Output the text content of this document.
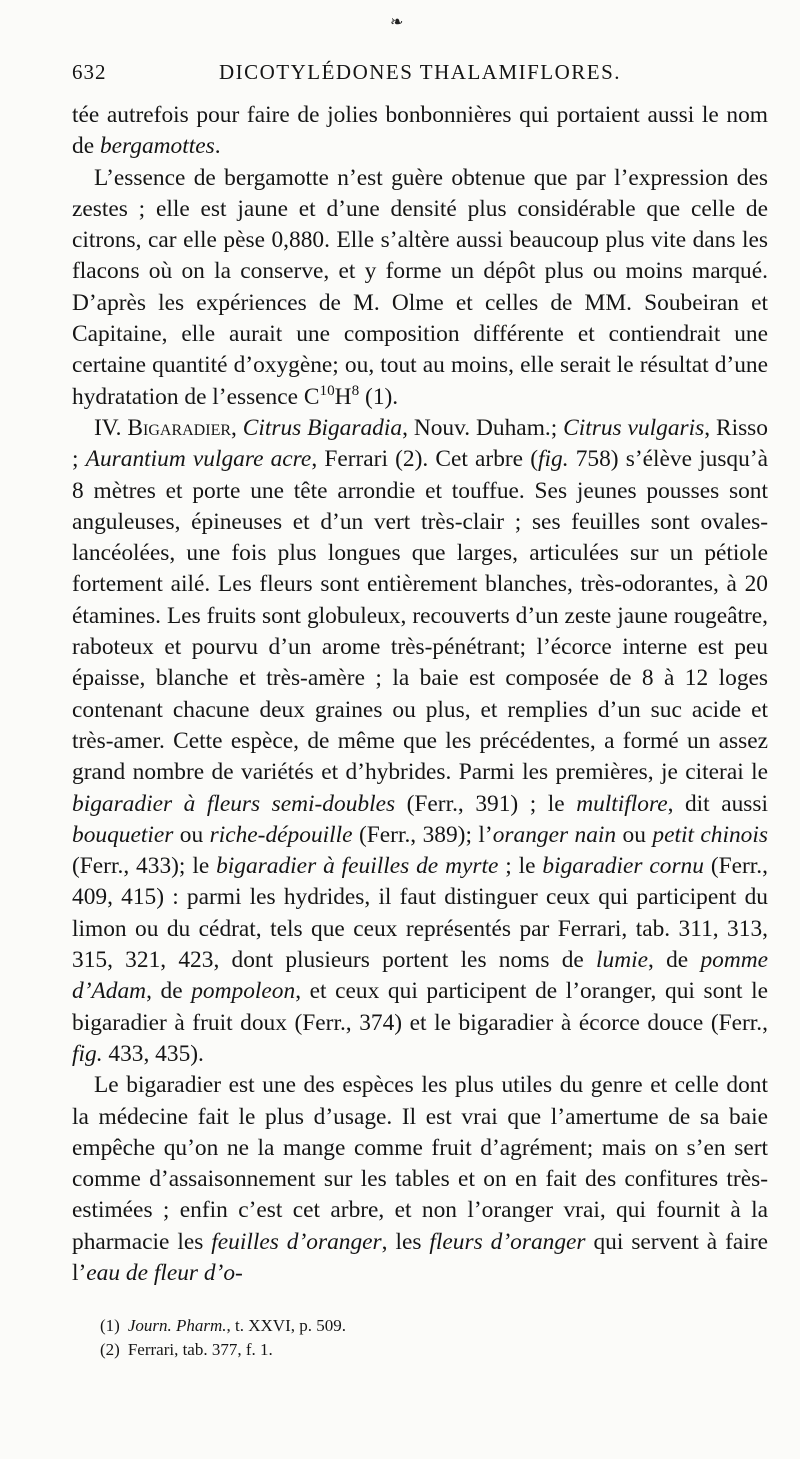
❧
632	DICOTYLÉDONES THALAMIFLORES.

tée autrefois pour faire de jolies bonbonnières qui portaient aussi le nom de bergamottes.

L’essence de bergamotte n’est guère obtenue que par l’expression des zestes ; elle est jaune et d’une densité plus considérable que celle de citrons, car elle pèse 0,880. Elle s’altère aussi beaucoup plus vite dans les flacons où on la conserve, et y forme un dépôt plus ou moins marqué. D’après les expériences de M. Olme et celles de MM. Soubeiran et Capitaine, elle aurait une composition différente et contiendrait une certaine quantité d’oxygène; ou, tout au moins, elle serait le résultat d’une hydratation de l’essence $C^{10}H^8$ (1).

IV. Bigaradier, Citrus Bigaradia, Nouv. Duham.; Citrus vulgaris, Risso ; Aurantium vulgare acre, Ferrari (2). Cet arbre (fig. 758) s’élève jusqu’à 8 mètres et porte une tête arrondie et touffue. Ses jeunes pousses sont anguleuses, épineuses et d’un vert très-clair ; ses feuilles sont ovales-lancéolées, une fois plus longues que larges, articulées sur un pétiole fortement ailé. Les fleurs sont entièrement blanches, très-odorantes, à 20 étamines. Les fruits sont globuleux, recouverts d’un zeste jaune rougeâtre, raboteux et pourvu d’un arome très-pénétrant; l’écorce interne est peu épaisse, blanche et très-amère ; la baie est composée de 8 à 12 loges contenant chacune deux graines ou plus, et remplies d’un suc acide et très-amer. Cette espèce, de même que les précédentes, a formé un assez grand nombre de variétés et d’hybrides. Parmi les premières, je citerai le bigaradier à fleurs semi-doubles (Ferr., 391) ; le multiflore, dit aussi bouquetier ou riche-dépouille (Ferr., 389); l’oranger nain ou petit chinois (Ferr., 433); le bigaradier à feuilles de myrte ; le bigaradier cornu (Ferr., 409, 415) : parmi les hydrides, il faut distinguer ceux qui participent du limon ou du cédrat, tels que ceux représentés par Ferrari, tab. 311, 313, 315, 321, 423, dont plusieurs portent les noms de lumie, de pomme d’Adam, de pompoleon, et ceux qui participent de l’oranger, qui sont le bigaradier à fruit doux (Ferr., 374) et le bigaradier à écorce douce (Ferr., fig. 433, 435).

Le bigaradier est une des espèces les plus utiles du genre et celle dont la médecine fait le plus d’usage. Il est vrai que l’amertume de sa baie empêche qu’on ne la mange comme fruit d’agrément; mais on s’en sert comme d’assaisonnement sur les tables et on en fait des confitures très-estimées ; enfin c’est cet arbre, et non l’oranger vrai, qui fournit à la pharmacie les feuilles d’oranger, les fleurs d’oranger qui servent à faire l’eau de fleur d’o-

(1) Journ. Pharm., t. XXVI, p. 509.

(2) Ferrari, tab. 377, f. 1.
